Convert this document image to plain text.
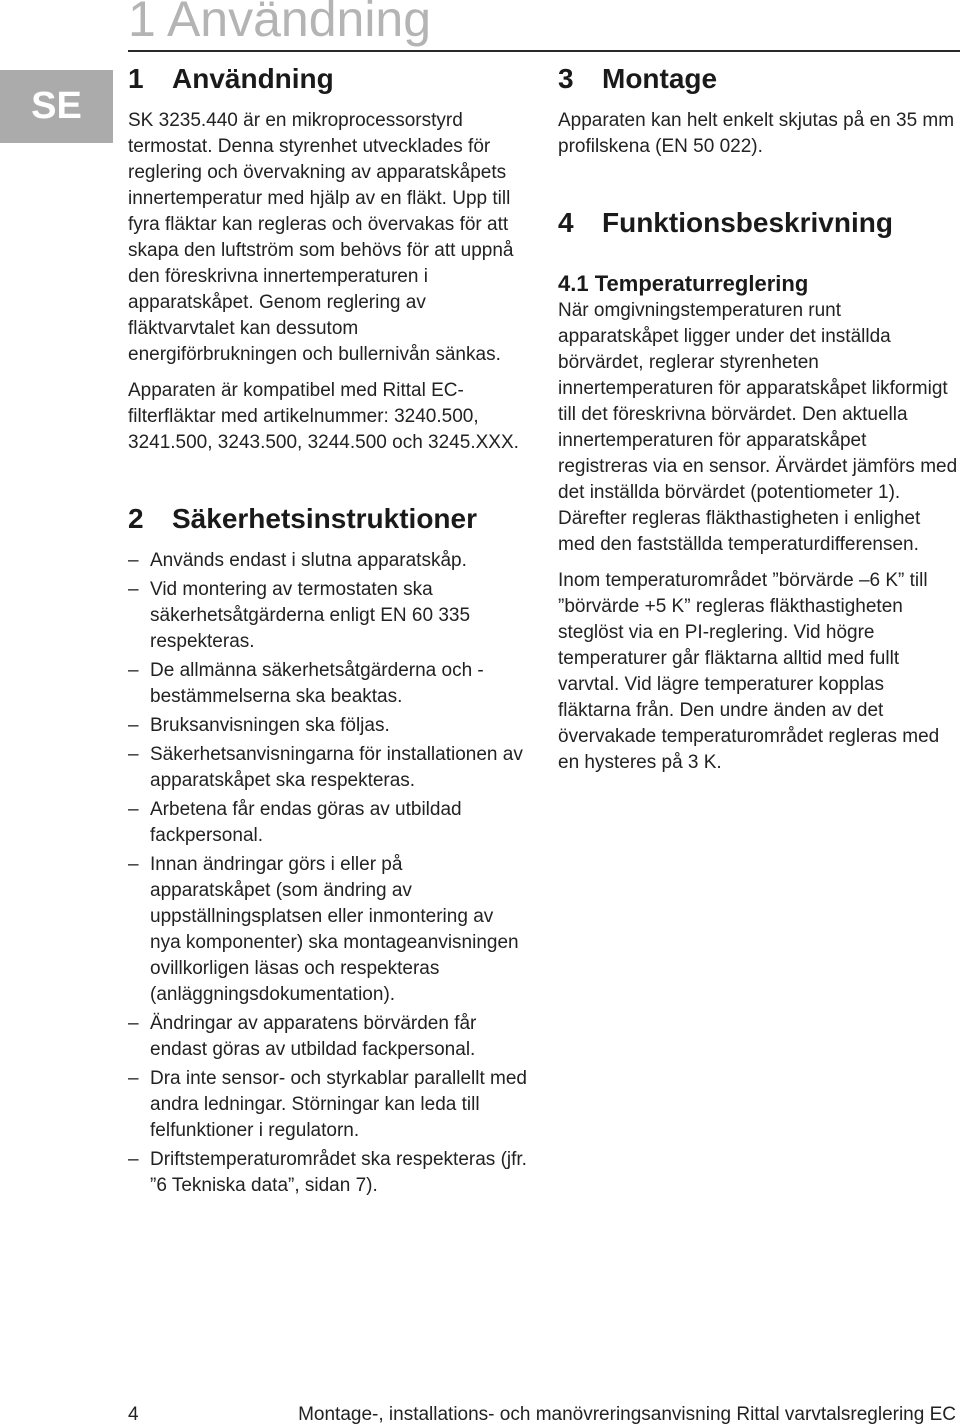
1 Användning
SE
1 Användning

SK 3235.440 är en mikroprocessorstyrd termostat. Denna styrenhet utvecklades för reglering och övervakning av apparatskåpets innertemperatur med hjälp av en fläkt. Upp till fyra fläktar kan regleras och övervakas för att skapa den luftström som behövs för att uppnå den föreskrivna innertemperaturen i apparatskåpet. Genom reglering av fläktvarvtalet kan dessutom energiförbrukningen och bullernivån sänkas.

Apparaten är kompatibel med Rittal EC-filterfläktar med artikelnummer: 3240.500, 3241.500, 3243.500, 3244.500 och 3245.XXX.

2 Säkerhetsinstruktioner
– Används endast i slutna apparatskåp.
– Vid montering av termostaten ska säkerhetsåtgärderna enligt EN 60 335 respekteras.
– De allmänna säkerhetsåtgärderna och -bestämmelserna ska beaktas.
– Bruksanvisningen ska följas.
– Säkerhetsanvisningarna för installationen av apparatskåpet ska respekteras.
– Arbetena får endas göras av utbildad fackpersonal.
– Innan ändringar görs i eller på apparatskåpet (som ändring av uppställningsplatsen eller inmontering av nya komponenter) ska montageanvisningen ovillkorligen läsas och respekteras (anläggningsdokumentation).
– Ändringar av apparatens börvärden får endast göras av utbildad fackpersonal.
– Dra inte sensor- och styrkablar parallellt med andra ledningar. Störningar kan leda till felfunktioner i regulatorn.
– Driftstemperaturområdet ska respekteras (jfr. ”6 Tekniska data”, sidan 7).
3 Montage

Apparaten kan helt enkelt skjutas på en 35 mm profilskena (EN 50 022).

4 Funktionsbeskrivning
4.1 Temperaturreglering

När omgivningstemperaturen runt apparatskåpet ligger under det inställda börvärdet, reglerar styrenheten innertemperaturen för apparatskåpet likformigt till det föreskrivna börvärdet. Den aktuella innertemperaturen för apparatskåpet registreras via en sensor. Ärvärdet jämförs med det inställda börvärdet (potentiometer 1). Därefter regleras fläkthastigheten i enlighet med den fastställda temperaturdifferensen.

Inom temperaturområdet ”börvärde –6 K” till ”börvärde +5 K” regleras fläkthastigheten steglöst via en PI-reglering. Vid högre temperaturer går fläktarna alltid med fullt varvtal. Vid lägre temperaturer kopplas fläktarna från. Den undre änden av det övervakade temperaturområdet regleras med en hysteres på 3 K.

4	Montage-, installations- och manövreringsanvisning Rittal varvtalsreglering EC
